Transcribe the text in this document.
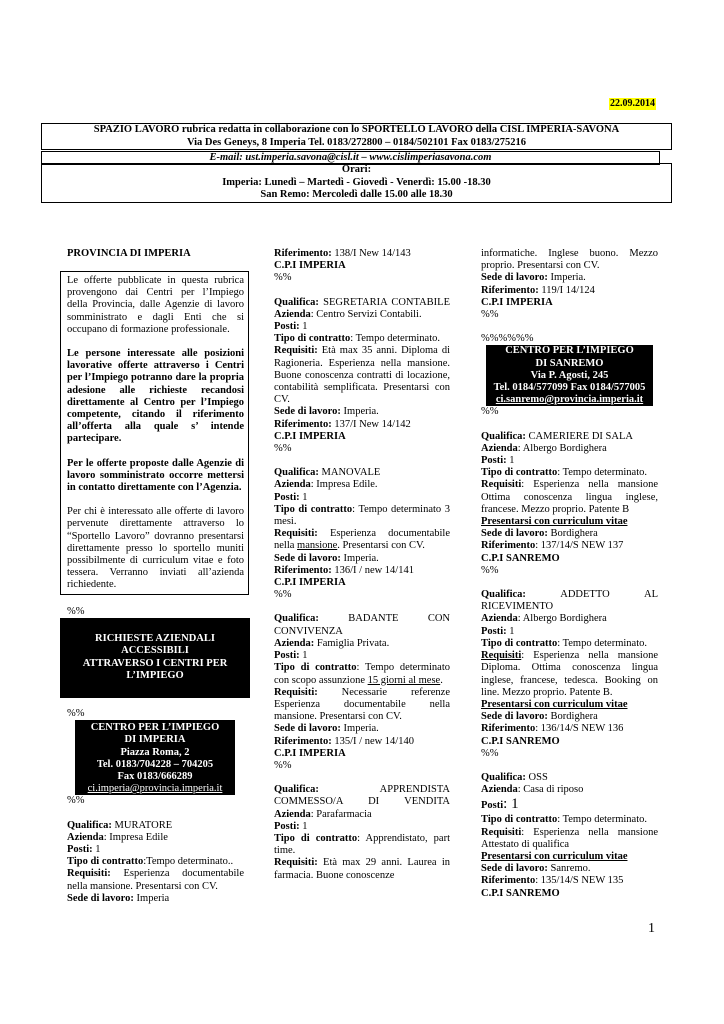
22.09.2014
SPAZIO LAVORO rubrica redatta in collaborazione con lo SPORTELLO LAVORO della CISL IMPERIA-SAVONA
Via Des Geneys, 8 Imperia Tel. 0183/272800 – 0184/502101 Fax 0183/275216
E-mail: ust.imperia.savona@cisl.it – www.cislimperiasavona.com
Orari:
Imperia: Lunedì – Martedì - Giovedì - Venerdì: 15.00 -18.30
San Remo: Mercoledì dalle 15.00 alle 18.30
PROVINCIA DI IMPERIA

Le offerte pubblicate in questa rubrica provengono dai Centri per l’Impiego della Provincia, dalle Agenzie di lavoro somministrato e dagli Enti che si occupano di formazione professionale.

Le persone interessate alle posizioni lavorative offerte attraverso i Centri per l’Impiego potranno dare la propria adesione alle richieste recandosi direttamente al Centro per l’Impiego competente, citando il riferimento all’offerta alla quale s’ intende partecipare.

Per le offerte proposte dalle Agenzie di lavoro somministrato occorre mettersi in contatto direttamente con l’Agenzia.

Per chi è interessato alle offerte di lavoro pervenute direttamente attraverso lo “Sportello Lavoro” dovranno presentarsi direttamente presso lo sportello muniti possibilmente di curriculum vitae e foto tessera. Verranno inviati all’azienda richiedente.

%%
RICHIESTE AZIENDALI
ACCESSIBILI
ATTRAVERSO I CENTRI PER
L’IMPIEGO
%%
CENTRO PER L’IMPIEGO
DI IMPERIA
Piazza Roma, 2
Tel. 0183/704228 – 704205
Fax 0183/666289
ci.imperia@provincia.imperia.it
%%
Qualifica: MURATORE
Azienda: Impresa Edile
Posti: 1
Tipo di contratto:Tempo determinato..
Requisiti: Esperienza documentabile nella mansione. Presentarsi con CV.
Sede di lavoro: Imperia
Riferimento: 138/I New 14/143
C.P.I IMPERIA
%%
Qualifica: SEGRETARIA CONTABILE
Azienda: Centro Servizi Contabili.
Posti: 1
Tipo di contratto: Tempo determinato.
Requisiti: Età max 35 anni. Diploma di Ragioneria. Esperienza nella mansione. Buone conoscenza contratti di locazione, contabilità semplificata. Presentarsi con CV.
Sede di lavoro: Imperia.
Riferimento: 137/I New 14/142
C.P.I IMPERIA
%%
Qualifica: MANOVALE
Azienda: Impresa Edile.
Posti: 1
Tipo di contratto: Tempo determinato 3 mesi.
Requisiti: Esperienza documentabile nella mansione. Presentarsi con CV.
Sede di lavoro: Imperia.
Riferimento: 136/I / new 14/141
C.P.I IMPERIA
%%
Qualifica:	BADANTE CON CONVIVENZA
Azienda: Famiglia Privata.
Posti: 1
Tipo di contratto: Tempo determinato con scopo assunzione 15 giorni al mese.
Requisiti: Necessarie referenze Esperienza documentabile nella mansione. Presentarsi con CV.
Sede di lavoro: Imperia.
Riferimento: 135/I / new 14/140
C.P.I IMPERIA
%%
Qualifica:	APPRENDISTA COMMESSO/A DI VENDITA
Azienda: Parafarmacia
Posti: 1
Tipo di contratto: Apprendistato, part time.
Requisiti: Età max 29 anni. Laurea in farmacia. Buone conoscenze
informatiche. Inglese buono. Mezzo proprio. Presentarsi con CV.
Sede di lavoro: Imperia.
Riferimento: 119/I 14/124
C.P.I IMPERIA
%%
%%%%%%
CENTRO PER L’IMPIEGO
DI SANREMO
Via P. Agosti, 245
Tel. 0184/577099 Fax 0184/577005
ci.sanremo@provincia.imperia.it
%%
Qualifica: CAMERIERE DI SALA
Azienda: Albergo Bordighera
Posti: 1
Tipo di contratto: Tempo determinato.
Requisiti: Esperienza nella mansione Ottima conoscenza lingua inglese, francese. Mezzo proprio. Patente B
Presentarsi con curriculum vitae
Sede di lavoro: Bordighera
Riferimento: 137/14/S NEW 137
C.P.I SANREMO
%%
Qualifica:	ADDETTO AL RICEVIMENTO
Azienda: Albergo Bordighera
Posti: 1
Tipo di contratto: Tempo determinato.
Requisiti: Esperienza nella mansione Diploma. Ottima conoscenza lingua inglese, francese, tedesca. Booking on line. Mezzo proprio. Patente B.
Presentarsi con curriculum vitae
Sede di lavoro: Bordighera
Riferimento: 136/14/S NEW 136
C.P.I SANREMO
%%
Qualifica: OSS
Azienda: Casa di riposo
Posti: 1
Tipo di contratto: Tempo determinato.
Requisiti: Esperienza nella mansione Attestato di qualifica
Presentarsi con curriculum vitae
Sede di lavoro: Sanremo.
Riferimento: 135/14/S NEW 135
C.P.I SANREMO
1
